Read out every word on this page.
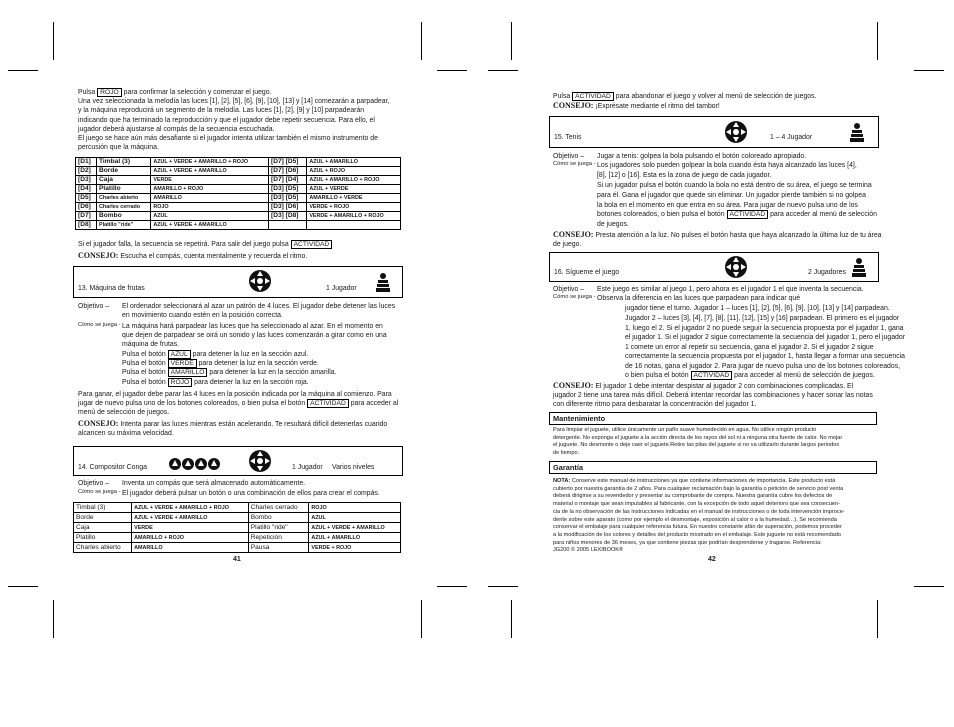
Pulsa ROJO para confirmar la selección y comenzar el juego.

Una vez seleccionada la melodía las luces [1], [2], [5], [6], [9], [10], [13] y [14] comezarán a parpadear,

y la máquina reproducirá un segmento de la melodía. Las luces [1], [2], [9] y [10] parpadearán

indicando que ha terminado la reproducción y que el jugador debe repetir secuencia. Para ello, el

jugador deberá ajustarse al compás de la secuencia escuchada.

El juego se hace aún más desafiante si el jugador intenta utilizar también el mismo instrumento de

percusión que la máquina.

[D1]	Timbal (3)	AZUL + VERDE + AMARILLO + ROJO	[D7] [D5]	AZUL + AMARILLO
[D2]	Borde	AZUL + VERDE + AMARILLO	[D7] [D6]	AZUL + ROJO
[D3]	Caja	VERDE	[D7] [D4]	AZUL + AMARILLO + ROJO
[D4]	Platillo	AMARILLO + ROJO	[D3] [D5]	AZUL + VERDE
[D5]	Charles abierto	AMARILLO	[D3] [D5]	AMARILLO + VERDE
[D6]	Charles cerrado	ROJO	[D3] [D6]	VERDE + ROJO
[D7]	Bombo	AZUL	[D3] [D8]	VERDE + AMARILLO + ROJO
[D8]	Platillo "ride"	AZUL + VERDE + AMARILLO		

Si el jugador falla, la secuencia se repetirá. Para salir del juego pulsa ACTIVIDAD

CONSEJO: Escucha el compás, cuenta mentalmente y recuerda el ritmo.

13. Máquina de frutas	1 Jugador
Objetivo – El ordenador seleccionará al azar un patrón de 4 luces. El jugador debe detener las luces
en movimiento cuando estén en la posición correcta.
Cómo se juega - La máquina hará parpadear las luces que ha seleccionado al azar. En el momento en
que dejen de parpadear se oirá un sonido y las luces comenzarán a girar como en una
máquina de frutas.
Pulsa el botón AZUL para detener la luz en la sección azul.
Pulsa el botón VERDE para detener la luz en la sección verde.
Pulsa el botón AMARILLO para detener la luz en la sección amarilla.
Pulsa el botón ROJO para detener la luz en la sección roja.
Para ganar, el jugador debe parar las 4 luces en la posición indicada por la máquina al comienzo. Para
jugar de nuevo pulsa uno de los botones coloreados, o bien pulsa el botón ACTIVIDAD para acceder al
menú de selección de juegos.
CONSEJO: Intenta parar las luces mientras están acelerando. Te resultará difícil detenerlas cuando
alcancen su máxima velocidad.
14. Compositor Conga	1 Jugador Varios niveles
Objetivo – Inventa un compás que será almacenado automáticamente.
Cómo se juega - El jugador deberá pulsar un botón o una combinación de ellos para crear el compás.
Timbal (3)	AZUL + VERDE + AMARILLO + ROJO	Charles cerrado	ROJO
Borde	AZUL + VERDE + AMARILLO	Bombo	AZUL
Caja	VERDE	Platillo "ride"	AZUL + VERDE + AMARILLO
Platillo	AMARILLO + ROJO	Repetición	AZUL + AMARILLO
Charles abierto	AMARILLO	Pausa	VERDE + ROJO
41

Pulsa ACTIVIDAD para abandonar el juego y volver al menú de selección de juegos.

CONSEJO: ¡Exprésate mediante el ritmo del tambor!

15. Tenis	1 – 4 Jugador
Objetivo – Jugar a tenis: golpea la bola pulsando el botón coloreado apropiado.
Cómo se juega - Los jugadores solo pueden golpear la bola cuando ésta haya alcanzado las luces [4],
[8], [12] o [16]. Esta es la zona de juego de cada jugador.
Si un jugador pulsa el botón cuando la bola no está dentro de su área, el juego se termina
para él. Gana el jugador que quede sin eliminar. Un jugador pierde también si no golpea
la bola en el momento en que entra en su área. Para jugar de nuevo pulsa uno de los
botones coloreados, o bien pulsa el botón ACTIVIDAD para acceder al menú de selección
de juegos.
CONSEJO: Presta atención a la luz. No pulses el botón hasta que haya alcanzado la última luz de tu área
de juego.
16. Sígueme el juego	2 Jugadores
Objetivo – Este juego es similar al juego 1, pero ahora es el jugador 1 el que inventa la secuencia.
Cómo se juega - Observa la diferencia en las luces que parpadean para indicar qué
jugador tiene el turno. Jugador 1 – luces [1], [2], [5], [6], [9], [10], [13] y [14] parpadean.
Jugador 2 – luces [3], [4], [7], [8], [11], [12], [15] y [16] parpadean. El primero es el jugador
1, luego el 2. Si el jugador 2 no puede seguir la secuencia propuesta por el jugador 1, gana
el jugador 1. Si el jugador 2 sigue correctamente la secuencia del jugador 1, pero el jugador
1 comete un error al repetir su secuencia, gana el jugador 2. Si el jugador 2 sigue
correctamente la secuencia propuesta por el jugador 1, hasta llegar a formar una secuencia
de 16 notas, gana el jugador 2. Para jugar de nuevo pulsa uno de los botones coloreados,
o bien pulsa el botón ACTIVIDAD para acceder al menú de selección de juegos.
CONSEJO: El jugador 1 debe intentar despistar al jugador 2 con combinaciones complicadas. El
jugador 2 tiene una tarea más difícil. Deberá intentar recordar las combinaciones y hacer sonar las notas
con diferente ritmo para desbaratar la concentración del jugador 1.
Mantenimiento

Para limpiar el juguete, utilice únicamente un paño suave humedecido en agua. No utilice ningún producto

detergente. No exponga el juguete a la acción directa de los rayos del sol ni a ninguna otra fuente de calor. No mojar

el juguete. No desmonte o deje caer el juguete.Retire las pilas del juguete si no va utilizarlo durante largos periodos

de tiempo.

Garantía

NOTA: Conserve este manual de instrucciones ya que contiene informaciones de importancia. Este producto está

cubierto por nuestra garantía de 2 años. Para cualquier reclamación bajo la garantía o petición de servicio post venta

deberá dirigirse a su revendedor y presentar su comprobante de compra. Nuestra garantía cubre los defectos de

material o montaje que sean imputables al fabricante, con la excepción de todo aquel deterioro que sea consecuen-

cia de la no observación de las instrucciones indicadas en el manual de instrucciones o de toda intervención improce-

dente sobre este aparato (como por ejemplo el desmontaje, exposición al calor o a la humedad…). Se recomienda

conservar el embalaje para cualquier referencia futura. En nuestro constante afán de superación, podemos proceder

a la modificación de los colores y detalles del producto mostrado en el embalaje. Este juguete no está recomendado

para niños menores de 36 meses, ya que contiene piezas que podrían desprenderse y tragarse. Referencia:

JG200 © 2005 LEXIBOOK®

42
